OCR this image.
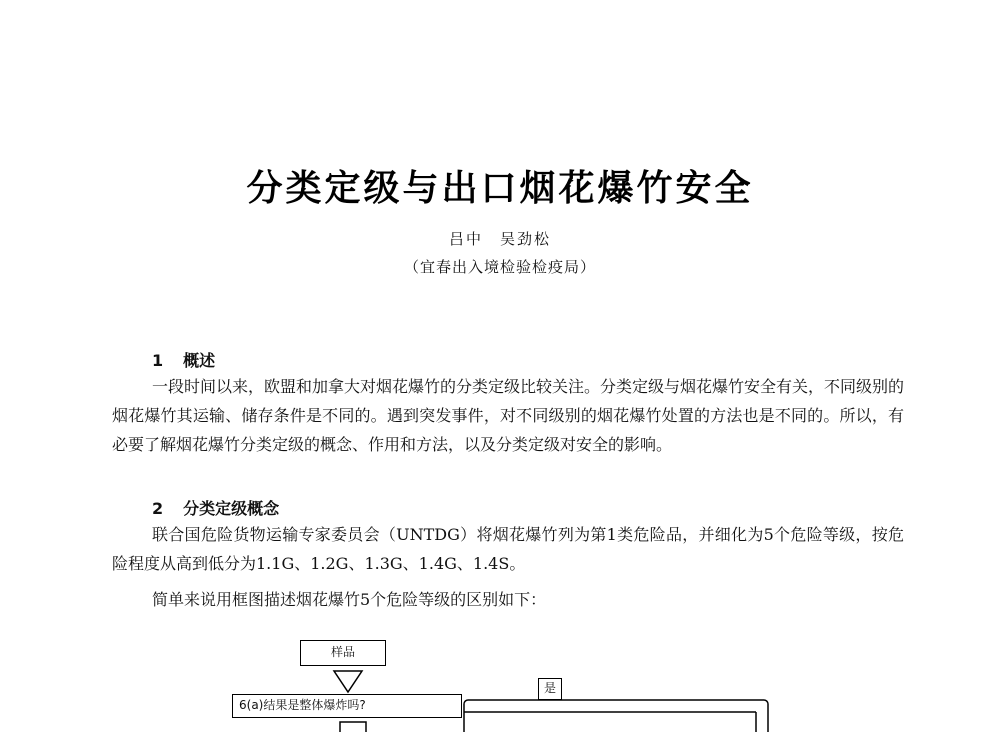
分类定级与出口烟花爆竹安全
吕中　吴劲松
（宜春出入境检验检疫局）
1 概述

一段时间以来，欧盟和加拿大对烟花爆竹的分类定级比较关注。分类定级与烟花爆竹安全有关，不同级别的烟花爆竹其运输、储存条件是不同的。遇到突发事件，对不同级别的烟花爆竹处置的方法也是不同的。所以，有必要了解烟花爆竹分类定级的概念、作用和方法，以及分类定级对安全的影响。

2 分类定级概念

联合国危险货物运输专家委员会（UNTDG）将烟花爆竹列为第1类危险品，并细化为5个危险等级，按危险程度从高到低分为1.1G、1.2G、1.3G、1.4G、1.4S。

简单来说用框图描述烟花爆竹5个危险等级的区别如下：
样品
6(a)结果是整体爆炸吗?
是
